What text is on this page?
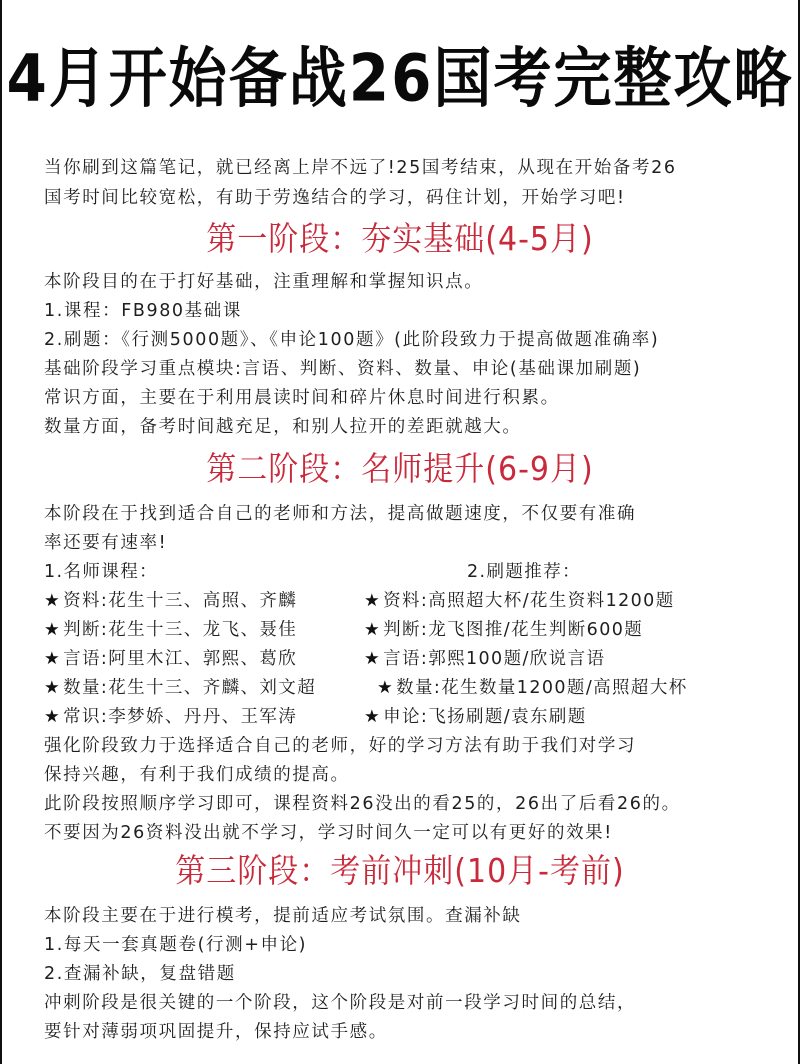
4月开始备战26国考完整攻略
当你刷到这篇笔记，就已经离上岸不远了!25国考结束，从现在开始备考26
国考时间比较宽松，有助于劳逸结合的学习，码住计划，开始学习吧!
第一阶段：夯实基础(4-5月)
本阶段目的在于打好基础，注重理解和掌握知识点。
1.课程：FB980基础课
2.刷题：《行测5000题》、《申论100题》(此阶段致力于提高做题准确率)
基础阶段学习重点模块:言语、判断、资料、数量、申论(基础课加刷题)
常识方面，主要在于利用晨读时间和碎片休息时间进行积累。
数量方面，备考时间越充足，和别人拉开的差距就越大。
第二阶段：名师提升(6-9月)
本阶段在于找到适合自己的老师和方法，提高做题速度，不仅要有准确
率还要有速率!
1.名师课程：	2.刷题推荐：
★ 资料:花生十三、高照、齐麟
★ 判断:花生十三、龙飞、聂佳
★ 言语:阿里木江、郭熙、葛欣
★ 数量:花生十三、齐麟、刘文超
★ 常识:李梦娇、丹丹、王军涛
★ 资料:高照超大杯/花生资料1200题
★ 判断:龙飞图推/花生判断600题
★ 言语:郭熙100题/欣说言语
★ 数量:花生数量1200题/高照超大杯
★ 申论:飞扬刷题/袁东刷题
强化阶段致力于选择适合自己的老师，好的学习方法有助于我们对学习
保持兴趣，有利于我们成绩的提高。
此阶段按照顺序学习即可，课程资料26没出的看25的，26出了后看26的。
不要因为26资料没出就不学习，学习时间久一定可以有更好的效果!
第三阶段：考前冲刺(10月-考前)
本阶段主要在于进行模考，提前适应考试氛围。查漏补缺
1.每天一套真题卷(行测+申论)
2.查漏补缺，复盘错题
冲刺阶段是很关键的一个阶段，这个阶段是对前一段学习时间的总结，
要针对薄弱项巩固提升，保持应试手感。
